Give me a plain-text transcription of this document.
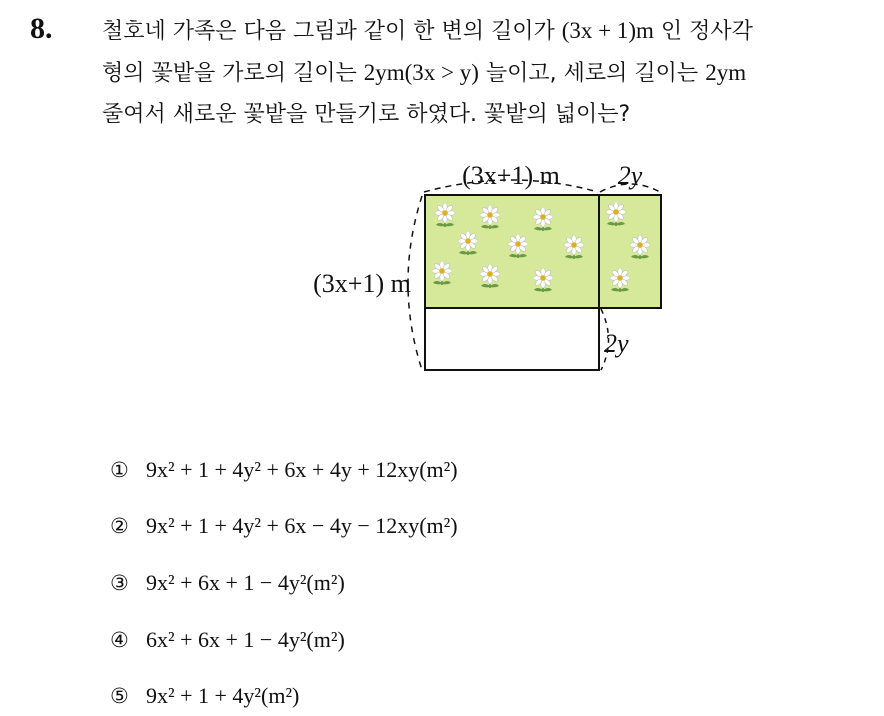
8. 철호네 가족은 다음 그림과 같이 한 변의 길이가 (3x + 1)m 인 정사각
형의 꽃밭을 가로의 길이는 2ym(3x > y) 늘이고, 세로의 길이는 2ym
줄여서 새로운 꽃밭을 만들기로 하였다. 꽃밭의 넓이는?
(3x+1) m 2y
(3x+1) m
2y
① 9x² + 1 + 4y² + 6x + 4y + 12xy(m²)
② 9x² + 1 + 4y² + 6x − 4y − 12xy(m²)
③ 9x² + 6x + 1 − 4y²(m²)
④ 6x² + 6x + 1 − 4y²(m²)
⑤ 9x² + 1 + 4y²(m²)
